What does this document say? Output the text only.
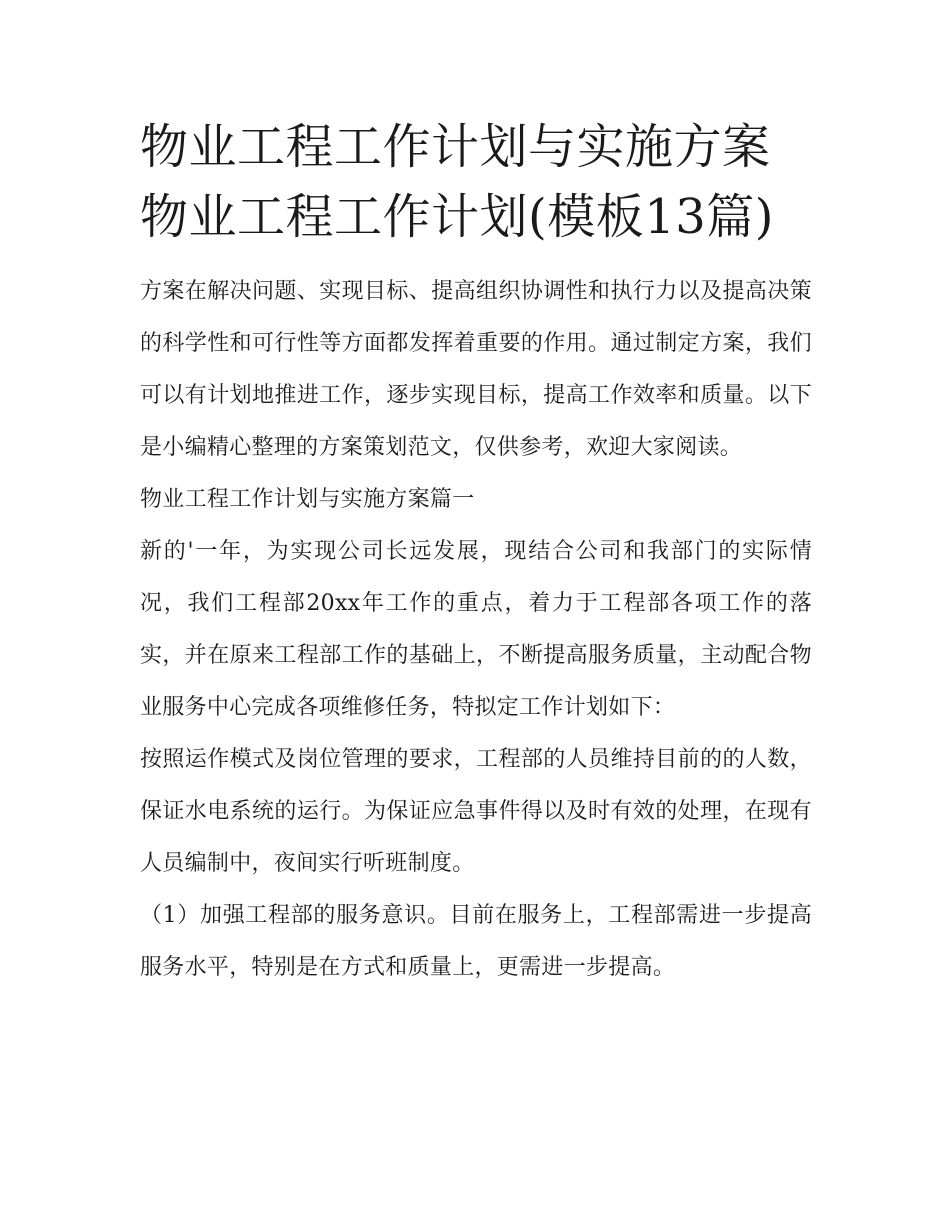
物业工程工作计划与实施方案
物业工程工作计划(模板13篇)

方案在解决问题、实现目标、提高组织协调性和执行力以及提高决策的科学性和可行性等方面都发挥着重要的作用。通过制定方案，我们可以有计划地推进工作，逐步实现目标，提高工作效率和质量。以下是小编精心整理的方案策划范文，仅供参考，欢迎大家阅读。

物业工程工作计划与实施方案篇一

新的'一年，为实现公司长远发展，现结合公司和我部门的实际情况，我们工程部20xx年工作的重点，着力于工程部各项工作的落实，并在原来工程部工作的基础上，不断提高服务质量，主动配合物业服务中心完成各项维修任务，特拟定工作计划如下：

按照运作模式及岗位管理的要求，工程部的人员维持目前的的人数，保证水电系统的运行。为保证应急事件得以及时有效的处理，在现有人员编制中，夜间实行听班制度。

（1）加强工程部的服务意识。目前在服务上，工程部需进一步提高服务水平，特别是在方式和质量上，更需进一步提高。
